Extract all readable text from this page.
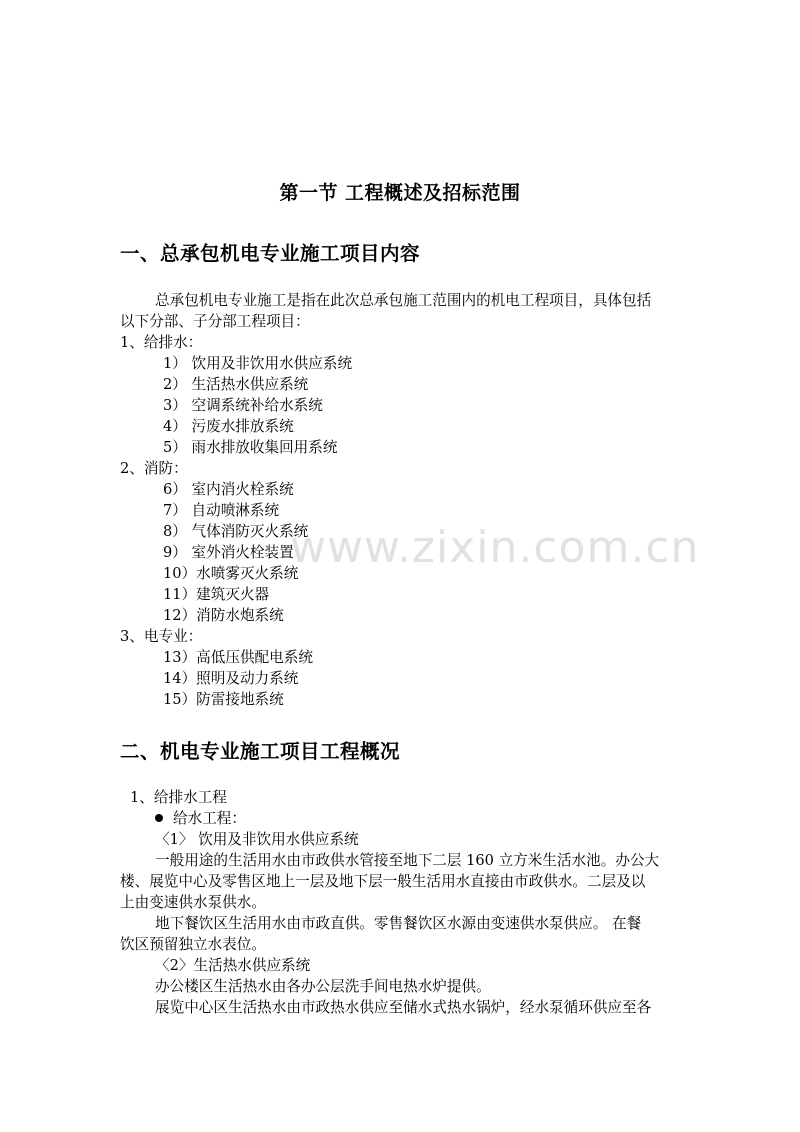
第一节 工程概述及招标范围
一、总承包机电专业施工项目内容
总承包机电专业施工是指在此次总承包施工范围内的机电工程项目，具体包括
以下分部、子分部工程项目：
1、给排水：
1） 饮用及非饮用水供应系统
2） 生活热水供应系统
3） 空调系统补给水系统
4） 污废水排放系统
5） 雨水排放收集回用系统
2、消防：
6） 室内消火栓系统
7） 自动喷淋系统
8） 气体消防灭火系统
9） 室外消火栓装置
10）水喷雾灭火系统
11）建筑灭火器
12）消防水炮系统
3、电专业：
13）高低压供配电系统
14）照明及动力系统
15）防雷接地系统
二、机电专业施工项目工程概况
1、给排水工程
给水工程：
〈1〉 饮用及非饮用水供应系统
一般用途的生活用水由市政供水管接至地下二层 160 立方米生活水池。办公大
楼、展览中心及零售区地上一层及地下层一般生活用水直接由市政供水。二层及以
上由变速供水泵供水。
地下餐饮区生活用水由市政直供。零售餐饮区水源由变速供水泵供应。 在餐
饮区预留独立水表位。
〈2〉生活热水供应系统
办公楼区生活热水由各办公层洗手间电热水炉提供。
展览中心区生活热水由市政热水供应至储水式热水锅炉，经水泵循环供应至各
www.zixin.com.cn
